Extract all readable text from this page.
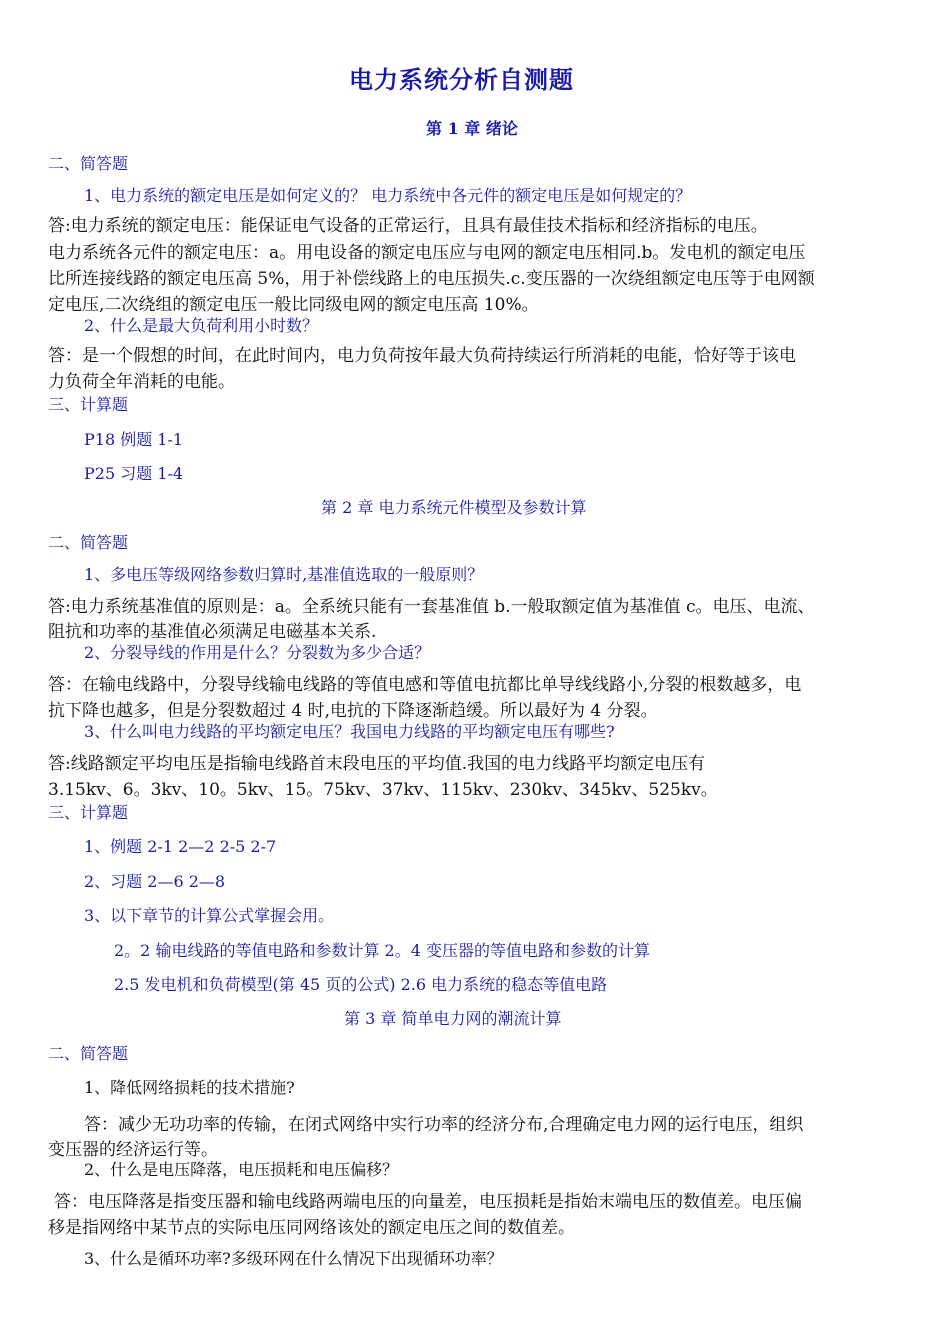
电力系统分析自测题
第 1 章 绪论
二、简答题
1、电力系统的额定电压是如何定义的？ 电力系统中各元件的额定电压是如何规定的？
答:电力系统的额定电压：能保证电气设备的正常运行，且具有最佳技术指标和经济指标的电压。
电力系统各元件的额定电压：a。用电设备的额定电压应与电网的额定电压相同.b。发电机的额定电压
比所连接线路的额定电压高 5%，用于补偿线路上的电压损失.c.变压器的一次绕组额定电压等于电网额
定电压,二次绕组的额定电压一般比同级电网的额定电压高 10%。
2、什么是最大负荷利用小时数？
答：是一个假想的时间，在此时间内，电力负荷按年最大负荷持续运行所消耗的电能，恰好等于该电
力负荷全年消耗的电能。
三、计算题
P18 例题 1-1
P25 习题 1-4
第 2 章 电力系统元件模型及参数计算
二、简答题
1、多电压等级网络参数归算时,基准值选取的一般原则？
答:电力系统基准值的原则是：a。全系统只能有一套基准值 b.一般取额定值为基准值 c。电压、电流、
阻抗和功率的基准值必须满足电磁基本关系.
2、分裂导线的作用是什么？分裂数为多少合适？
答：在输电线路中，分裂导线输电线路的等值电感和等值电抗都比单导线线路小,分裂的根数越多，电
抗下降也越多，但是分裂数超过 4 时,电抗的下降逐渐趋缓。所以最好为 4 分裂。
3、什么叫电力线路的平均额定电压？我国电力线路的平均额定电压有哪些?
答:线路额定平均电压是指输电线路首末段电压的平均值.我国的电力线路平均额定电压有
3.15kv、6。3kv、10。5kv、15。75kv、37kv、115kv、230kv、345kv、525kv。
三、计算题
1、例题 2-1 2—2 2-5 2-7
2、习题 2—6 2—8
3、以下章节的计算公式掌握会用。
2。2 输电线路的等值电路和参数计算 2。4 变压器的等值电路和参数的计算
2.5 发电机和负荷模型(第 45 页的公式) 2.6 电力系统的稳态等值电路
第 3 章 简单电力网的潮流计算
二、简答题
1、降低网络损耗的技术措施?
答：减少无功功率的传输，在闭式网络中实行功率的经济分布,合理确定电力网的运行电压，组织
变压器的经济运行等。
2、什么是电压降落，电压损耗和电压偏移？
答：电压降落是指变压器和输电线路两端电压的向量差，电压损耗是指始末端电压的数值差。电压偏
移是指网络中某节点的实际电压同网络该处的额定电压之间的数值差。
3、什么是循环功率?多级环网在什么情况下出现循环功率？
